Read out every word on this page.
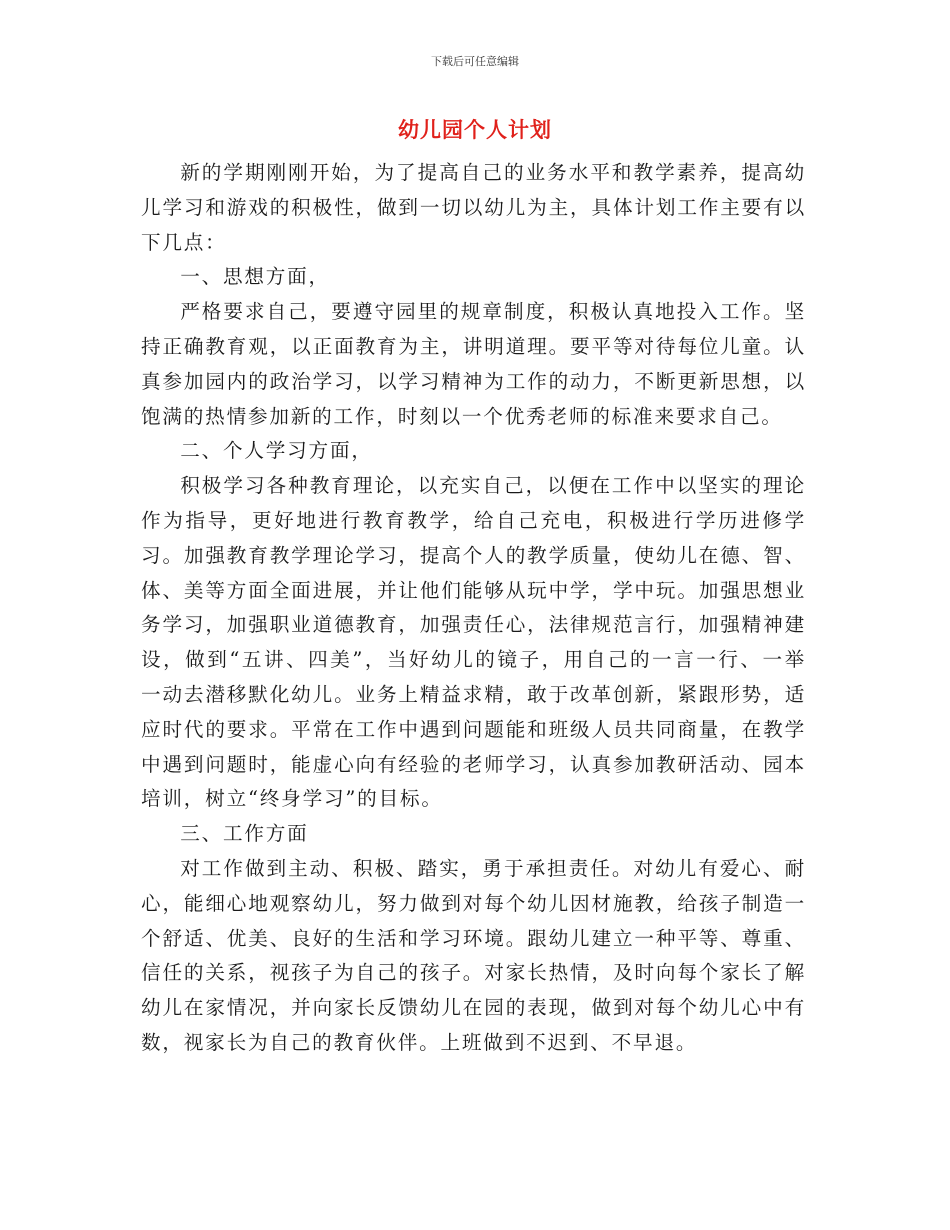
下载后可任意编辑
幼儿园个人计划

新的学期刚刚开始，为了提高自己的业务水平和教学素养，提高幼儿学习和游戏的积极性，做到一切以幼儿为主，具体计划工作主要有以下几点：

一、思想方面，

严格要求自己，要遵守园里的规章制度，积极认真地投入工作。坚持正确教育观，以正面教育为主，讲明道理。要平等对待每位儿童。认真参加园内的政治学习，以学习精神为工作的动力，不断更新思想，以饱满的热情参加新的工作，时刻以一个优秀老师的标准来要求自己。

二、个人学习方面，

积极学习各种教育理论，以充实自己，以便在工作中以坚实的理论作为指导，更好地进行教育教学，给自己充电，积极进行学历进修学习。加强教育教学理论学习，提高个人的教学质量，使幼儿在德、智、体、美等方面全面进展，并让他们能够从玩中学，学中玩。加强思想业务学习，加强职业道德教育，加强责任心，法律规范言行，加强精神建设，做到“五讲、四美”，当好幼儿的镜子，用自己的一言一行、一举一动去潜移默化幼儿。业务上精益求精，敢于改革创新，紧跟形势，适应时代的要求。平常在工作中遇到问题能和班级人员共同商量，在教学中遇到问题时，能虚心向有经验的老师学习，认真参加教研活动、园本培训，树立“终身学习”的目标。

三、工作方面

对工作做到主动、积极、踏实，勇于承担责任。对幼儿有爱心、耐心，能细心地观察幼儿，努力做到对每个幼儿因材施教，给孩子制造一个舒适、优美、良好的生活和学习环境。跟幼儿建立一种平等、尊重、信任的关系，视孩子为自己的孩子。对家长热情，及时向每个家长了解幼儿在家情况，并向家长反馈幼儿在园的表现，做到对每个幼儿心中有数，视家长为自己的教育伙伴。上班做到不迟到、不早退。
